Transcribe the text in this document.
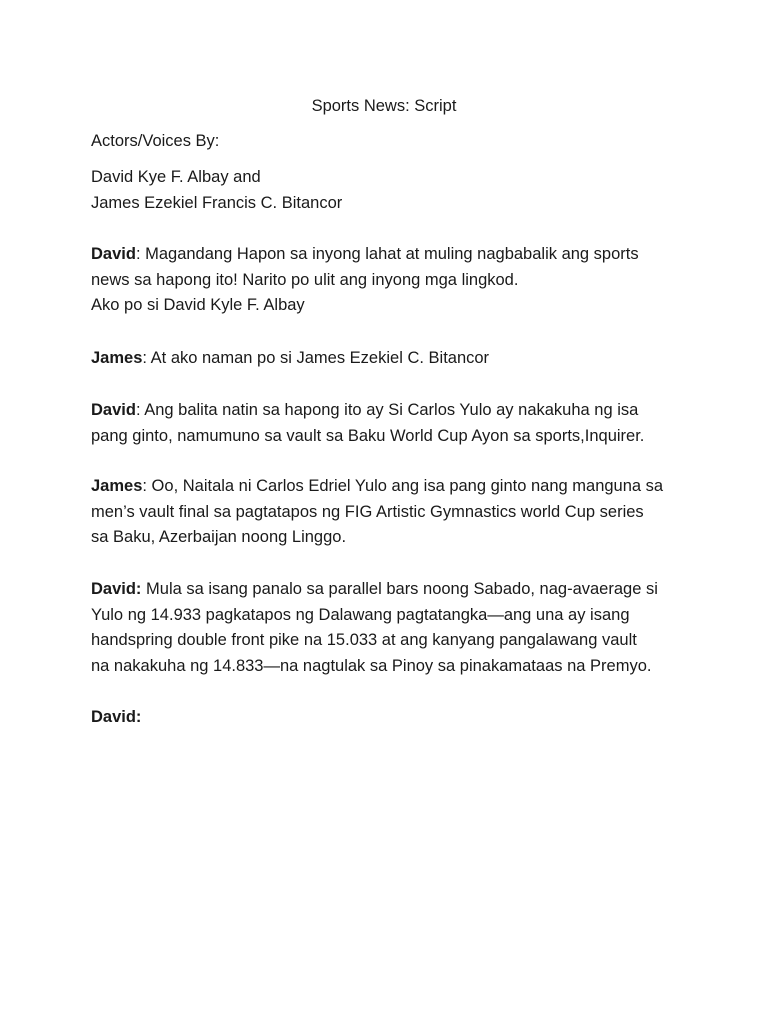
Sports News: Script
Actors/Voices By:
David Kye F. Albay and
James Ezekiel Francis C. Bitancor
David: Magandang Hapon sa inyong lahat at muling nagbabalik ang sports
news sa hapong ito! Narito po ulit ang inyong mga lingkod.
Ako po si David Kyle F. Albay
James: At ako naman po si James Ezekiel C. Bitancor
David: Ang balita natin sa hapong ito ay Si Carlos Yulo ay nakakuha ng isa
pang ginto, namumuno sa vault sa Baku World Cup Ayon sa sports,Inquirer.
James: Oo, Naitala ni Carlos Edriel Yulo ang isa pang ginto nang manguna sa
men’s vault final sa pagtatapos ng FIG Artistic Gymnastics world Cup series
sa Baku, Azerbaijan noong Linggo.
David: Mula sa isang panalo sa parallel bars noong Sabado, nag-avaerage si
Yulo ng 14.933 pagkatapos ng Dalawang pagtatangka—ang una ay isang
handspring double front pike na 15.033 at ang kanyang pangalawang vault
na nakakuha ng 14.833—na nagtulak sa Pinoy sa pinakamataas na Premyo.
David:
